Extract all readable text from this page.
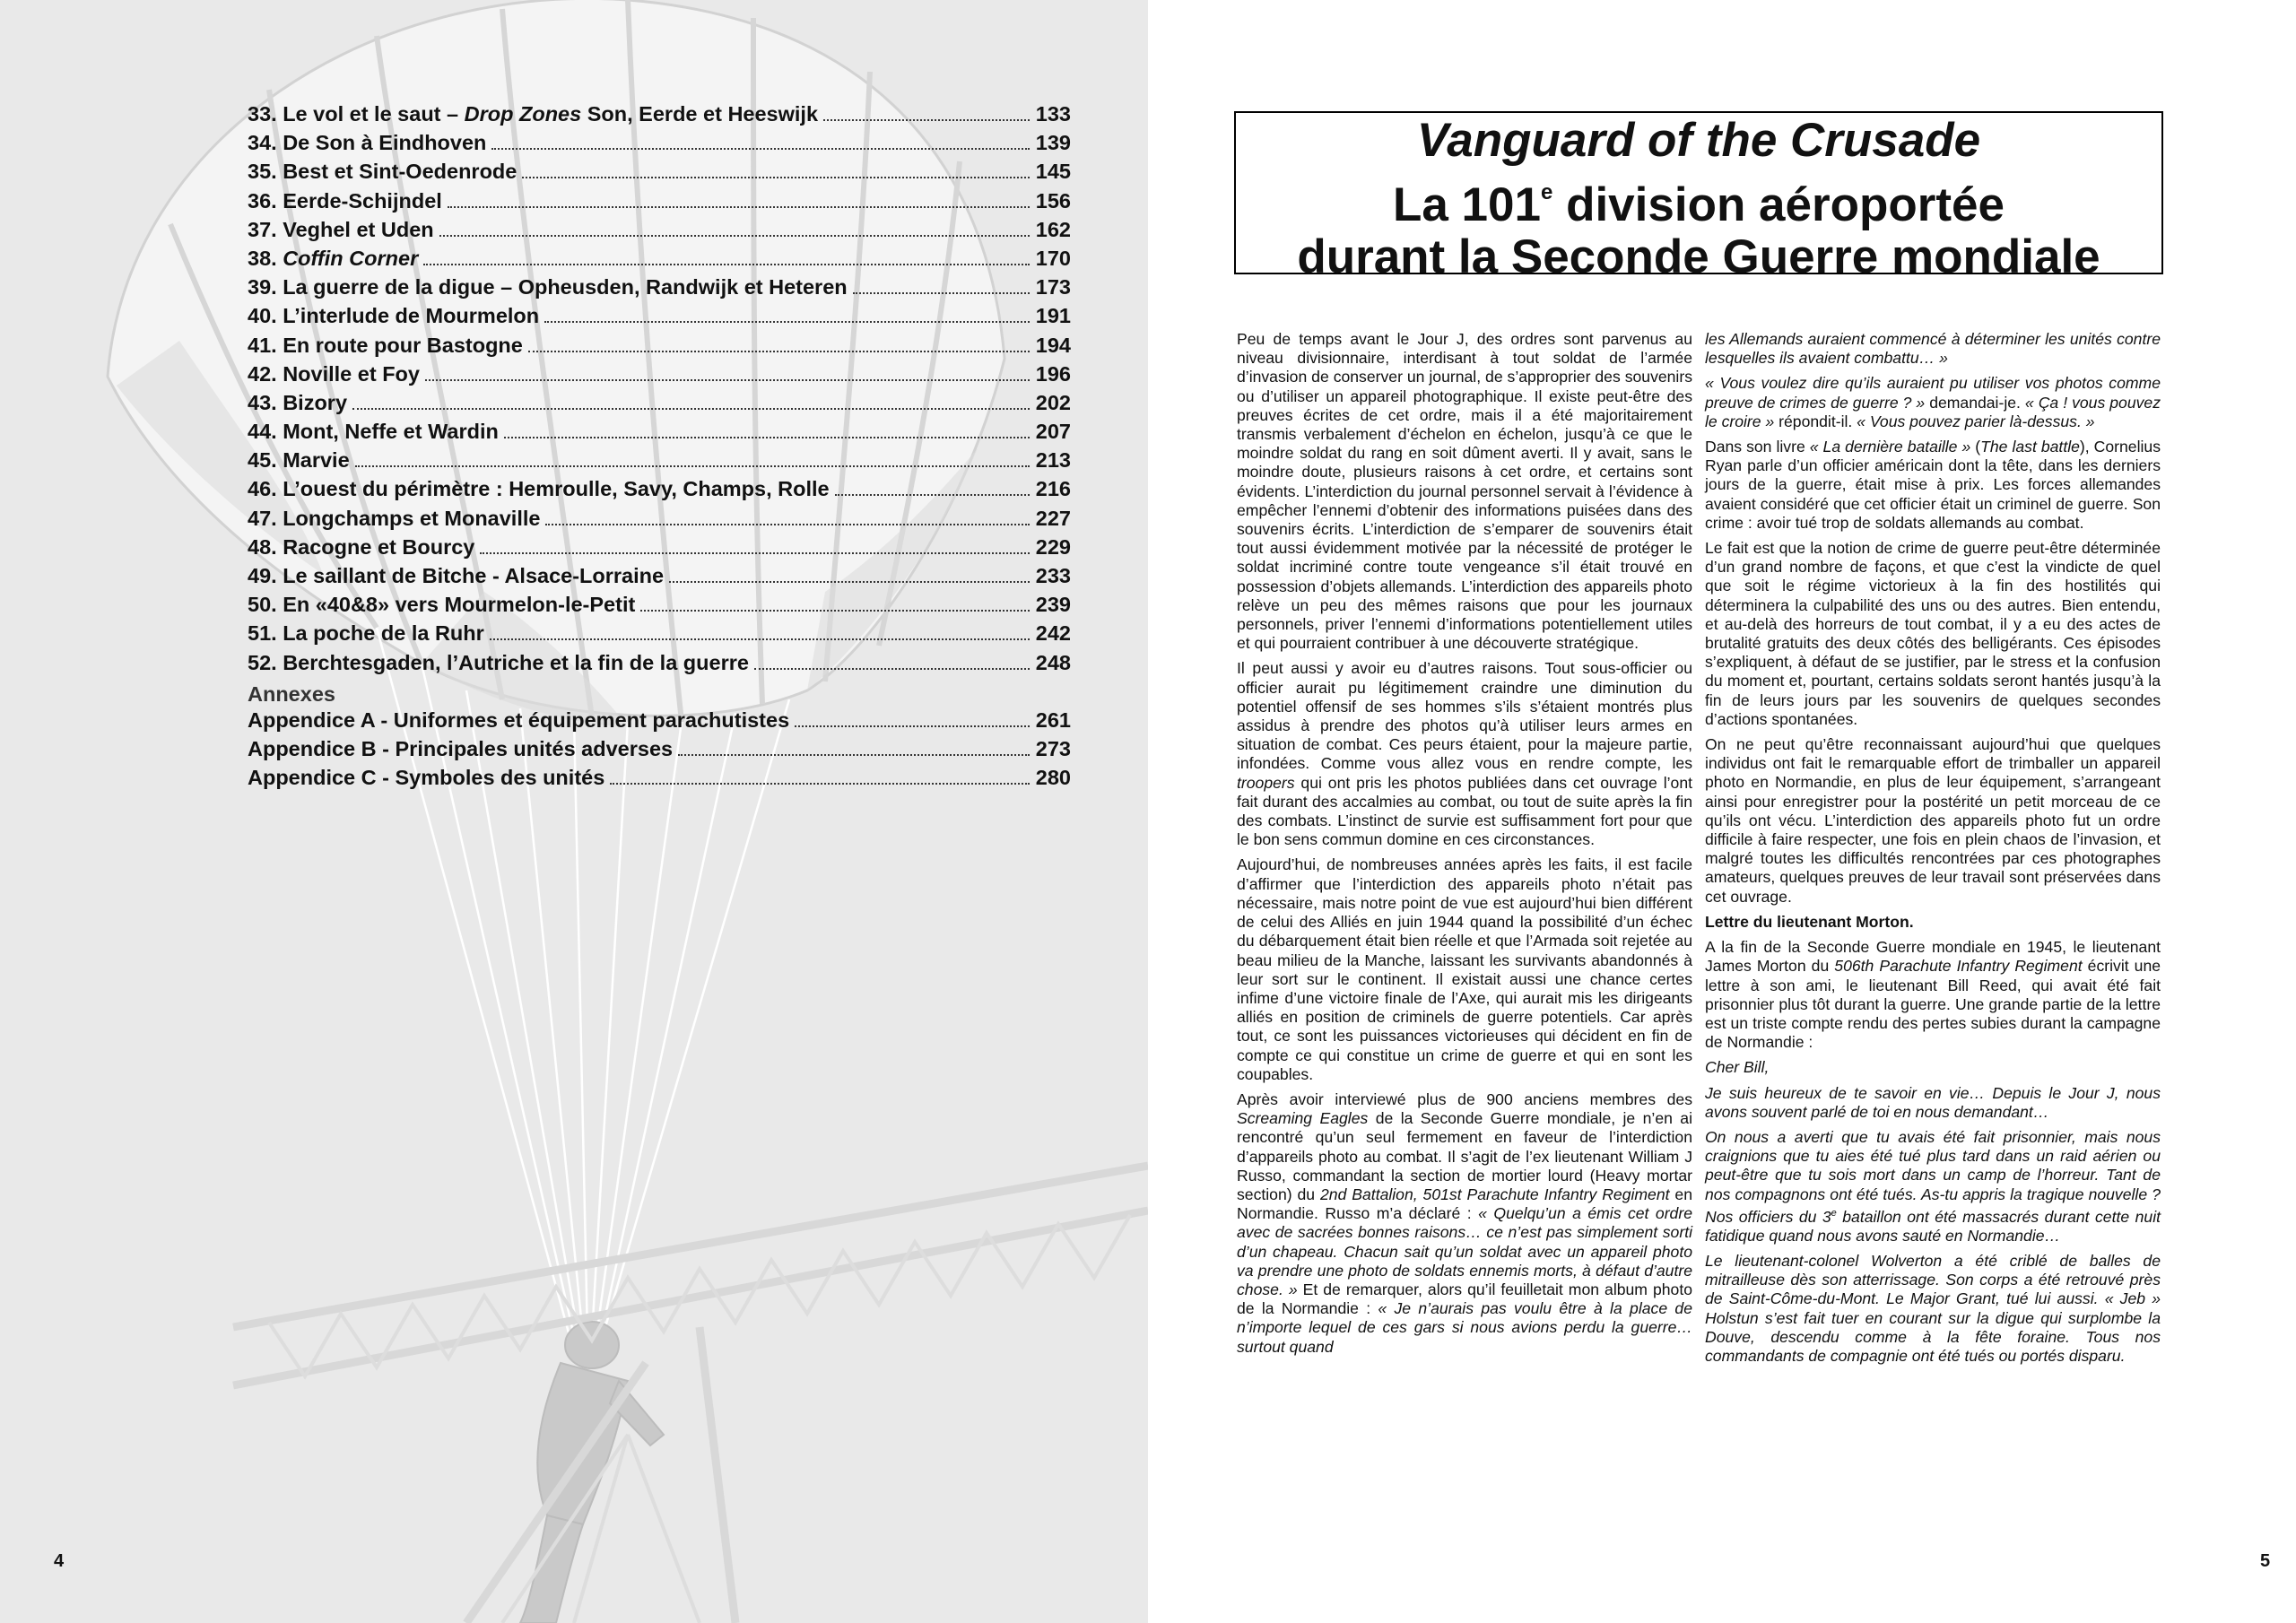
33. Le vol et le saut – Drop Zones Son, Eerde et Heeswijk	133
34. De Son à Eindhoven	139
35. Best et Sint-Oedenrode	145
36. Eerde-Schijndel	156
37. Veghel et Uden	162
38. Coffin Corner	170
39. La guerre de la digue – Opheusden, Randwijk et Heteren	173
40. L’interlude de Mourmelon	191
41. En route pour Bastogne	194
42. Noville et Foy	196
43. Bizory	202
44. Mont, Neffe et Wardin	207
45. Marvie	213
46. L’ouest du périmètre : Hemroulle, Savy, Champs, Rolle	216
47. Longchamps et Monaville	227
48. Racogne et Bourcy	229
49. Le saillant de Bitche - Alsace-Lorraine	233
50. En «40&8» vers Mourmelon-le-Petit	239
51. La poche de la Ruhr	242
52. Berchtesgaden, l’Autriche et la fin de la guerre	248
Annexes
Appendice A - Uniformes et équipement parachutistes	261
Appendice B - Principales unités adverses	273
Appendice C - Symboles des unités	280
4
Vanguard of the Crusade
La 101e division aéroportée
durant la Seconde Guerre mondiale

Peu de temps avant le Jour J, des ordres sont parvenus au niveau divisionnaire, interdisant à tout soldat de l’armée d’invasion de conserver un journal, de s’approprier des souvenirs ou d’utiliser un appareil photographique. Il existe peut-être des preuves écrites de cet ordre, mais il a été majoritairement transmis verbalement d’échelon en échelon, jusqu’à ce que le moindre soldat du rang en soit dûment averti. Il y avait, sans le moindre doute, plusieurs raisons à cet ordre, et certains sont évidents. L’interdiction du journal personnel servait à l’évidence à empêcher l’ennemi d’obtenir des informations puisées dans des souvenirs écrits. L’interdiction de s’emparer de souvenirs était tout aussi évidemment motivée par la nécessité de protéger le soldat incriminé contre toute vengeance s’il était trouvé en possession d’objets allemands. L’interdiction des appareils photo relève un peu des mêmes raisons que pour les journaux personnels, priver l’ennemi d’informations potentiellement utiles et qui pourraient contribuer à une découverte stratégique.

Il peut aussi y avoir eu d’autres raisons. Tout sous-officier ou officier aurait pu légitimement craindre une diminution du potentiel offensif de ses hommes s’ils s’étaient montrés plus assidus à prendre des photos qu’à utiliser leurs armes en situation de combat. Ces peurs étaient, pour la majeure partie, infondées. Comme vous allez vous en rendre compte, les troopers qui ont pris les photos publiées dans cet ouvrage l’ont fait durant des accalmies au combat, ou tout de suite après la fin des combats. L’instinct de survie est suffisamment fort pour que le bon sens commun domine en ces circonstances.

Aujourd’hui, de nombreuses années après les faits, il est facile d’affirmer que l’interdiction des appareils photo n’était pas nécessaire, mais notre point de vue est aujourd’hui bien différent de celui des Alliés en juin 1944 quand la possibilité d’un échec du débarquement était bien réelle et que l’Armada soit rejetée au beau milieu de la Manche, laissant les survivants abandonnés à leur sort sur le continent. Il existait aussi une chance certes infime d’une victoire finale de l’Axe, qui aurait mis les dirigeants alliés en position de criminels de guerre potentiels. Car après tout, ce sont les puissances victorieuses qui décident en fin de compte ce qui constitue un crime de guerre et qui en sont les coupables.

Après avoir interviewé plus de 900 anciens membres des Screaming Eagles de la Seconde Guerre mondiale, je n’en ai rencontré qu’un seul fermement en faveur de l’interdiction d’appareils photo au combat. Il s’agit de l’ex lieutenant William J Russo, commandant la section de mortier lourd (Heavy mortar section) du 2nd Battalion, 501st Parachute Infantry Regiment en Normandie. Russo m’a déclaré : « Quelqu’un a émis cet ordre avec de sacrées bonnes raisons… ce n’est pas simplement sorti d’un chapeau. Chacun sait qu’un soldat avec un appareil photo va prendre une photo de soldats ennemis morts, à défaut d’autre chose. » Et de remarquer, alors qu’il feuilletait mon album photo de la Normandie : « Je n’aurais pas voulu être à la place de n’importe lequel de ces gars si nous avions perdu la guerre… surtout quand

les Allemands auraient commencé à déterminer les unités contre lesquelles ils avaient combattu… »

« Vous voulez dire qu’ils auraient pu utiliser vos photos comme preuve de crimes de guerre ? » demandai-je. « Ça ! vous pouvez le croire » répondit-il. « Vous pouvez parier là-dessus. »

Dans son livre « La dernière bataille » (The last battle), Cornelius Ryan parle d’un officier américain dont la tête, dans les derniers jours de la guerre, était mise à prix. Les forces allemandes avaient considéré que cet officier était un criminel de guerre. Son crime : avoir tué trop de soldats allemands au combat.

Le fait est que la notion de crime de guerre peut-être déterminée d’un grand nombre de façons, et que c’est la vindicte de quel que soit le régime victorieux à la fin des hostilités qui déterminera la culpabilité des uns ou des autres. Bien entendu, et au-delà des horreurs de tout combat, il y a eu des actes de brutalité gratuits des deux côtés des belligérants. Ces épisodes s’expliquent, à défaut de se justifier, par le stress et la confusion du moment et, pourtant, certains soldats seront hantés jusqu’à la fin de leurs jours par les souvenirs de quelques secondes d’actions spontanées.

On ne peut qu’être reconnaissant aujourd’hui que quelques individus ont fait le remarquable effort de trimballer un appareil photo en Normandie, en plus de leur équipement, s’arrangeant ainsi pour enregistrer pour la postérité un petit morceau de ce qu’ils ont vécu. L’interdiction des appareils photo fut un ordre difficile à faire respecter, une fois en plein chaos de l’invasion, et malgré toutes les difficultés rencontrées par ces photographes amateurs, quelques preuves de leur travail sont préservées dans cet ouvrage.

Lettre du lieutenant Morton.

A la fin de la Seconde Guerre mondiale en 1945, le lieutenant James Morton du 506th Parachute Infantry Regiment écrivit une lettre à son ami, le lieutenant Bill Reed, qui avait été fait prisonnier plus tôt durant la guerre. Une grande partie de la lettre est un triste compte rendu des pertes subies durant la campagne de Normandie :

Cher Bill,

Je suis heureux de te savoir en vie… Depuis le Jour J, nous avons souvent parlé de toi en nous demandant…

On nous a averti que tu avais été fait prisonnier, mais nous craignions que tu aies été tué plus tard dans un raid aérien ou peut-être que tu sois mort dans un camp de l’horreur. Tant de nos compagnons ont été tués. As-tu appris la tragique nouvelle ? Nos officiers du 3e bataillon ont été massacrés durant cette nuit fatidique quand nous avons sauté en Normandie…

Le lieutenant-colonel Wolverton a été criblé de balles de mitrailleuse dès son atterrissage. Son corps a été retrouvé près de Saint-Côme-du-Mont. Le Major Grant, tué lui aussi. « Jeb » Holstun s’est fait tuer en courant sur la digue qui surplombe la Douve, descendu comme à la fête foraine. Tous nos commandants de compagnie ont été tués ou portés disparu.

5
